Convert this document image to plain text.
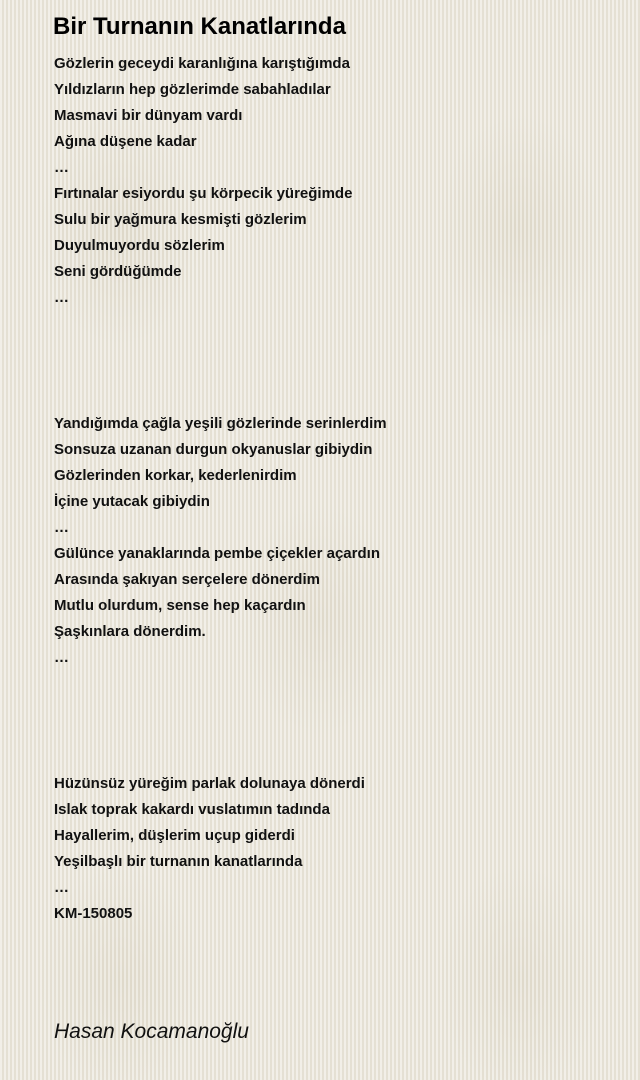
Bir Turnanın Kanatlarında
Gözlerin geceydi karanlığına karıştığımda
Yıldızların hep gözlerimde sabahladılar
Masmavi bir dünyam vardı
Ağına düşene kadar
…
Fırtınalar esiyordu şu körpecik yüreğimde
Sulu bir yağmura kesmişti gözlerim
Duyulmuyordu sözlerim
Seni gördüğümde
…
Yandığımda çağla yeşili gözlerinde serinlerdim
Sonsuza uzanan durgun okyanuslar gibiydin
Gözlerinden korkar, kederlenirdim
İçine yutacak gibiydin
…
Gülünce yanaklarında pembe çiçekler açardın
Arasında şakıyan serçelere dönerdim
Mutlu olurdum, sense hep kaçardın
Şaşkınlara dönerdim.
…
Hüzünsüz yüreğim parlak dolunaya dönerdi
Islak toprak kakardı vuslatımın tadında
Hayallerim, düşlerim uçup giderdi
Yeşilbaşlı bir turnanın kanatlarında
…
KM-150805

Hasan Kocamanoğlu
